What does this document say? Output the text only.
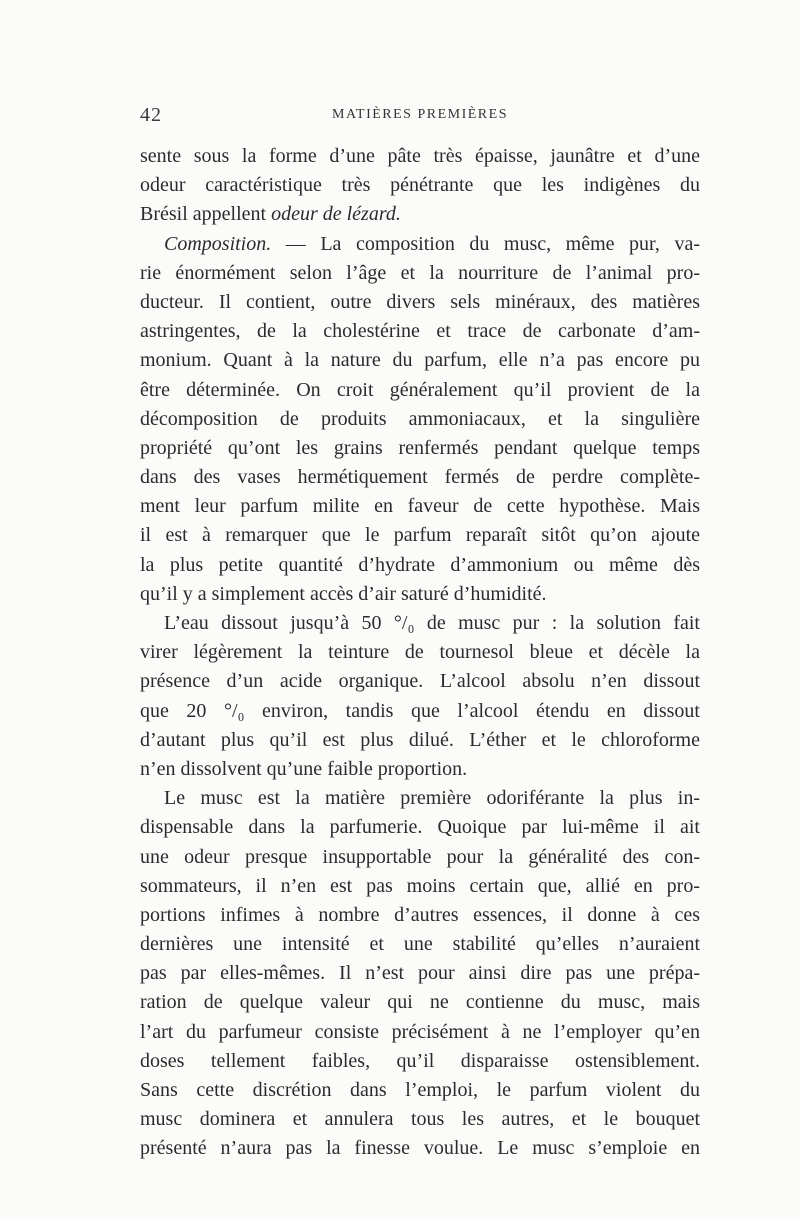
42	MATIÈRES PREMIÈRES
sente sous la forme d’une pâte très épaisse, jaunâtre et d’une
odeur caractéristique très pénétrante que les indigènes du
Brésil appellent odeur de lézard.
Composition. — La composition du musc, même pur, va-
rie énormément selon l’âge et la nourriture de l’animal pro-
ducteur. Il contient, outre divers sels minéraux, des matières
astringentes, de la cholestérine et trace de carbonate d’am-
monium. Quant à la nature du parfum, elle n’a pas encore pu
être déterminée. On croit généralement qu’il provient de la
décomposition de produits ammoniacaux, et la singulière
propriété qu’ont les grains renfermés pendant quelque temps
dans des vases hermétiquement fermés de perdre complète-
ment leur parfum milite en faveur de cette hypothèse. Mais
il est à remarquer que le parfum reparaît sitôt qu’on ajoute
la plus petite quantité d’hydrate d’ammonium ou même dès
qu’il y a simplement accès d’air saturé d’humidité.
L’eau dissout jusqu’à 50 °/₀ de musc pur : la solution fait
virer légèrement la teinture de tournesol bleue et décèle la
présence d’un acide organique. L’alcool absolu n’en dissout
que 20 °/₀ environ, tandis que l’alcool étendu en dissout
d’autant plus qu’il est plus dilué. L’éther et le chloroforme
n’en dissolvent qu’une faible proportion.
Le musc est la matière première odoriférante la plus in-
dispensable dans la parfumerie. Quoique par lui-même il ait
une odeur presque insupportable pour la généralité des con-
sommateurs, il n’en est pas moins certain que, allié en pro-
portions infimes à nombre d’autres essences, il donne à ces
dernières une intensité et une stabilité qu’elles n’auraient
pas par elles-mêmes. Il n’est pour ainsi dire pas une prépa-
ration de quelque valeur qui ne contienne du musc, mais
l’art du parfumeur consiste précisément à ne l’employer qu’en
doses tellement faibles, qu’il disparaisse ostensiblement.
Sans cette discrétion dans l’emploi, le parfum violent du
musc dominera et annulera tous les autres, et le bouquet
présenté n’aura pas la finesse voulue. Le musc s’emploie en
